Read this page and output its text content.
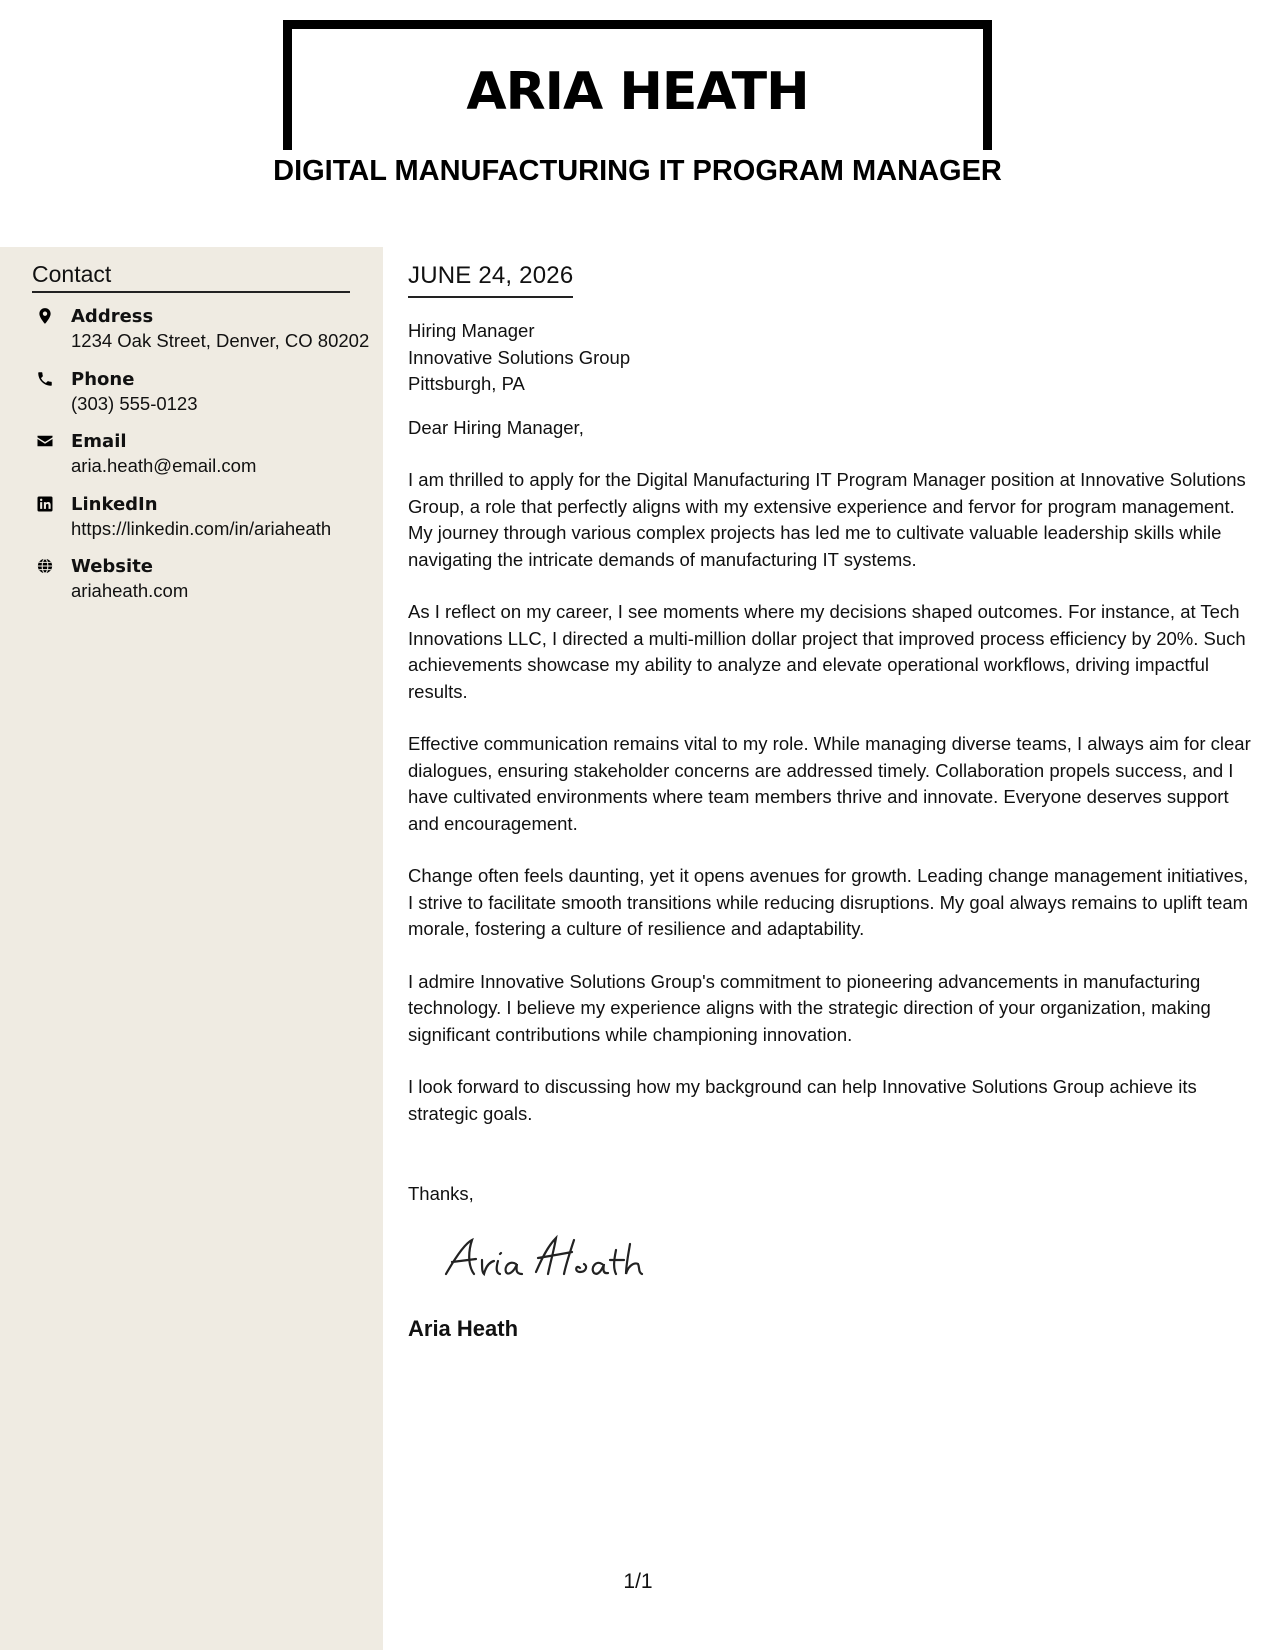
ARIA HEATH
DIGITAL MANUFACTURING IT PROGRAM MANAGER
Contact
Address
1234 Oak Street, Denver, CO 80202
Phone
(303) 555-0123
Email
aria.heath@email.com
LinkedIn
https://linkedin.com/in/ariaheath
Website
ariaheath.com
JUNE 24, 2026
Hiring Manager
Innovative Solutions Group
Pittsburgh, PA
Dear Hiring Manager,
I am thrilled to apply for the Digital Manufacturing IT Program Manager position at Innovative Solutions Group, a role that perfectly aligns with my extensive experience and fervor for program management. My journey through various complex projects has led me to cultivate valuable leadership skills while navigating the intricate demands of manufacturing IT systems.
As I reflect on my career, I see moments where my decisions shaped outcomes. For instance, at Tech Innovations LLC, I directed a multi-million dollar project that improved process efficiency by 20%. Such achievements showcase my ability to analyze and elevate operational workflows, driving impactful results.
Effective communication remains vital to my role. While managing diverse teams, I always aim for clear dialogues, ensuring stakeholder concerns are addressed timely. Collaboration propels success, and I have cultivated environments where team members thrive and innovate. Everyone deserves support and encouragement.
Change often feels daunting, yet it opens avenues for growth. Leading change management initiatives, I strive to facilitate smooth transitions while reducing disruptions. My goal always remains to uplift team morale, fostering a culture of resilience and adaptability.
I admire Innovative Solutions Group's commitment to pioneering advancements in manufacturing technology. I believe my experience aligns with the strategic direction of your organization, making significant contributions while championing innovation.
I look forward to discussing how my background can help Innovative Solutions Group achieve its strategic goals.
Thanks,
Aria Heath
1/1
